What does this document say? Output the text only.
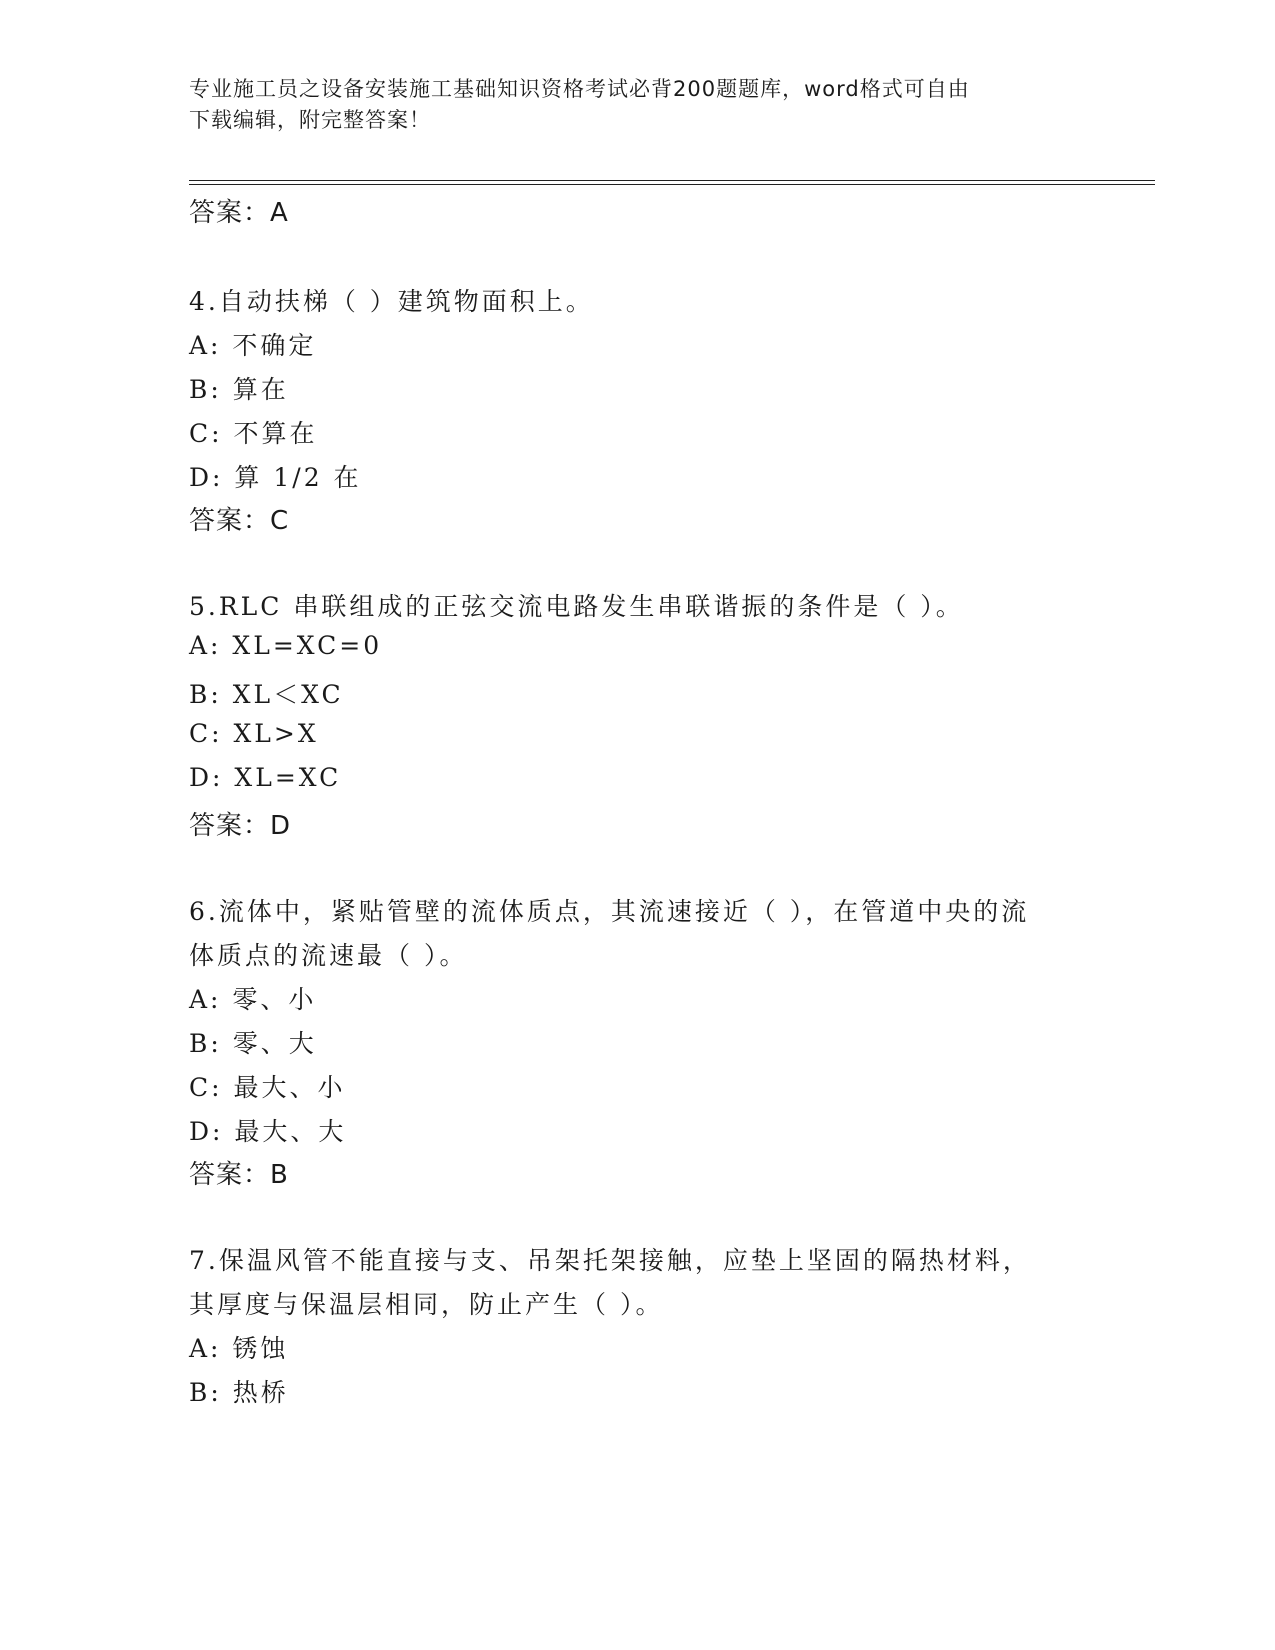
专业施工员之设备安装施工基础知识资格考试必背200题题库，word格式可自由
下载编辑，附完整答案！
答案：A
4.自动扶梯（ ）建筑物面积上。
A: 不确定
B: 算在
C: 不算在
D: 算 1/2 在
答案：C
5.RLC 串联组成的正弦交流电路发生串联谐振的条件是（ ）。
A: XL=XC=0
B: XL＜XC
C: XL>X
D: XL=XC
答案：D
6.流体中，紧贴管壁的流体质点，其流速接近（ ），在管道中央的流
体质点的流速最（ ）。
A: 零、小
B: 零、大
C: 最大、小
D: 最大、大
答案：B
7.保温风管不能直接与支、吊架托架接触，应垫上坚固的隔热材料，
其厚度与保温层相同，防止产生（ ）。
A: 锈蚀
B: 热桥
